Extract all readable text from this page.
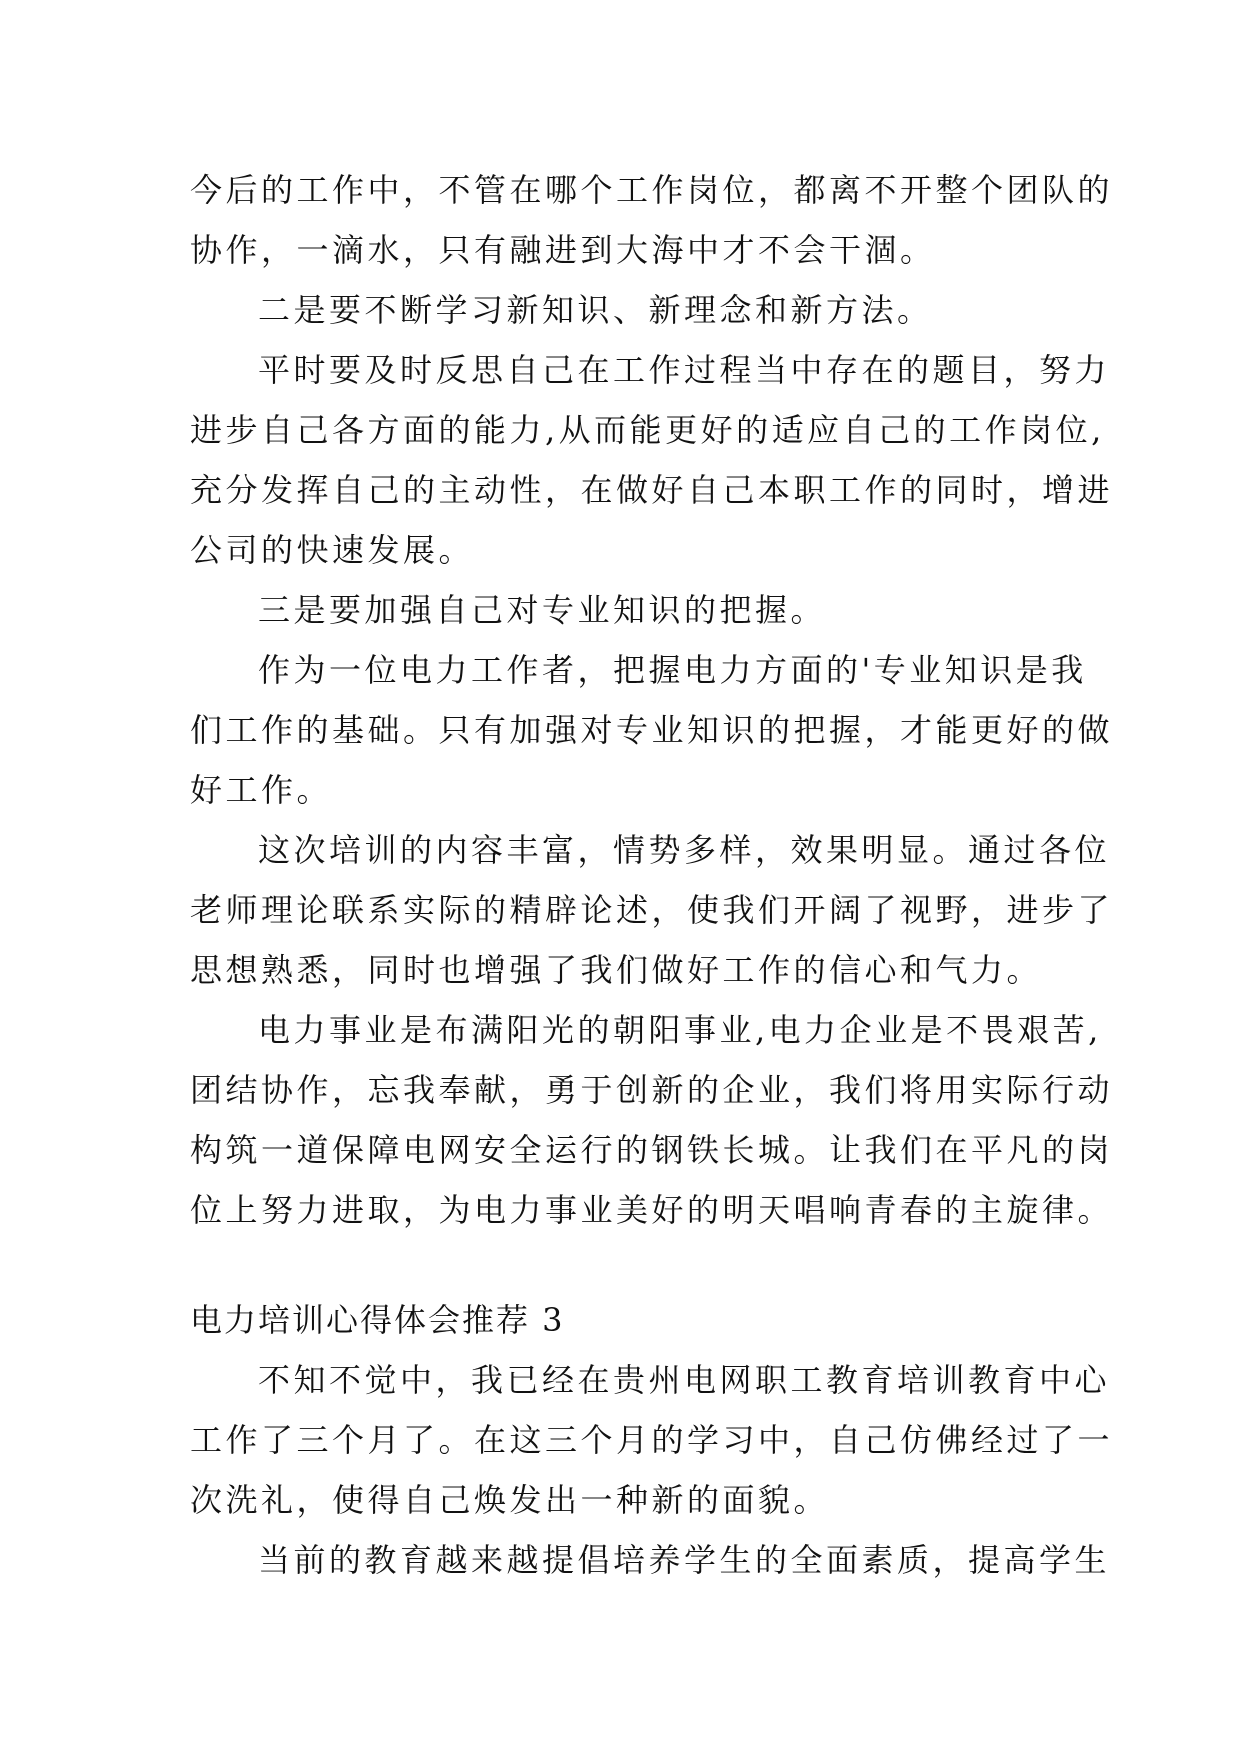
今后的工作中，不管在哪个工作岗位，都离不开整个团队的
协作，一滴水，只有融进到大海中才不会干涸。
二是要不断学习新知识、新理念和新方法。
平时要及时反思自己在工作过程当中存在的题目，努力
进步自己各方面的能力,从而能更好的适应自己的工作岗位,
充分发挥自己的主动性，在做好自己本职工作的同时，增进
公司的快速发展。
三是要加强自己对专业知识的把握。
作为一位电力工作者，把握电力方面的'专业知识是我
们工作的基础。只有加强对专业知识的把握，才能更好的做
好工作。
这次培训的内容丰富，情势多样，效果明显。通过各位
老师理论联系实际的精辟论述，使我们开阔了视野，进步了
思想熟悉，同时也增强了我们做好工作的信心和气力。
电力事业是布满阳光的朝阳事业,电力企业是不畏艰苦,
团结协作，忘我奉献，勇于创新的企业，我们将用实际行动
构筑一道保障电网安全运行的钢铁长城。让我们在平凡的岗
位上努力进取，为电力事业美好的明天唱响青春的主旋律。
电力培训心得体会推荐 3
不知不觉中，我已经在贵州电网职工教育培训教育中心
工作了三个月了。在这三个月的学习中，自己仿佛经过了一
次洗礼，使得自己焕发出一种新的面貌。
当前的教育越来越提倡培养学生的全面素质，提高学生
